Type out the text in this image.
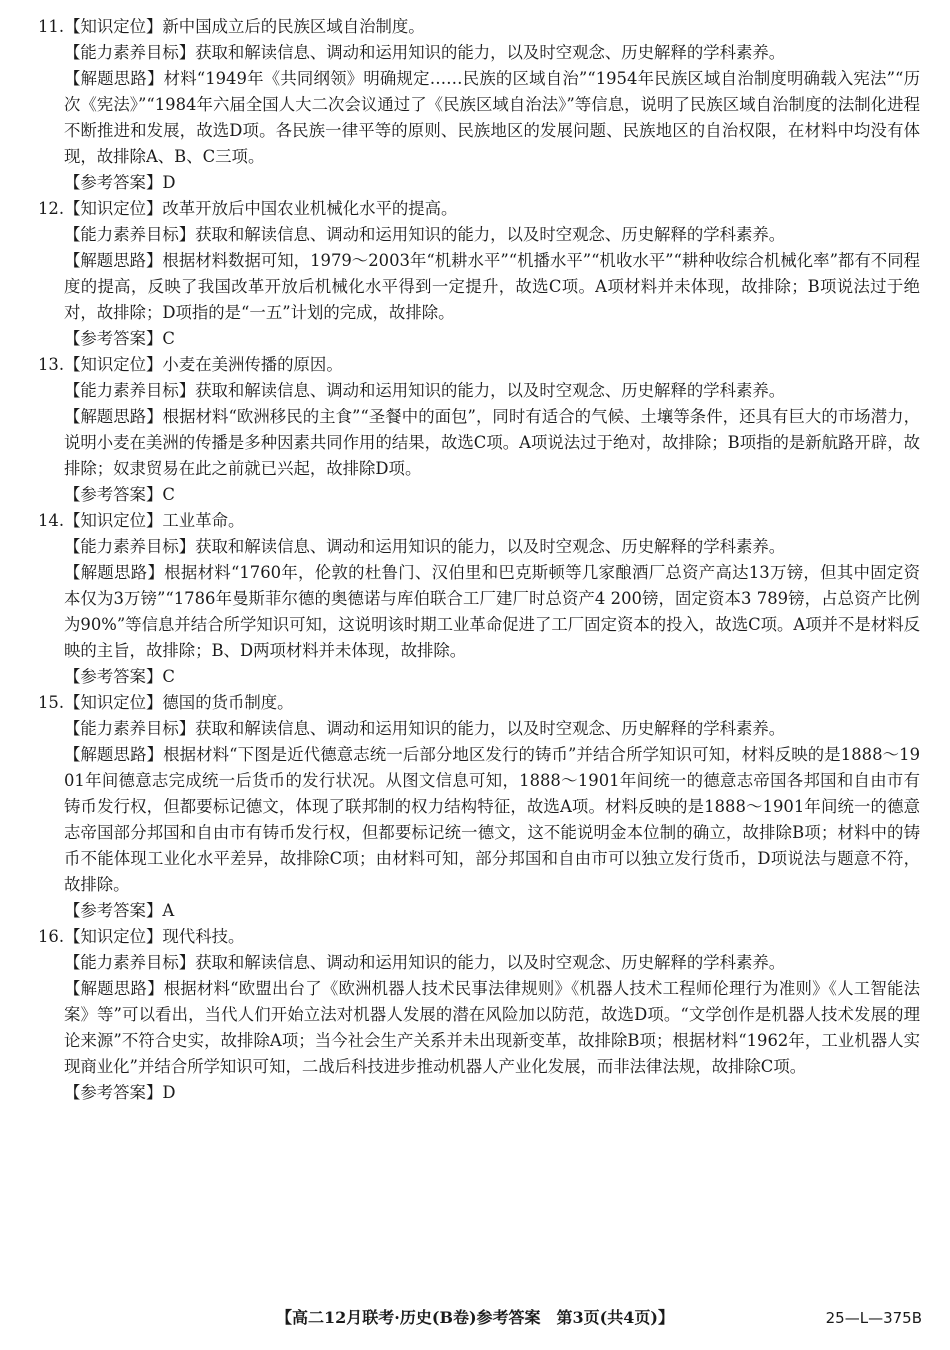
11.【知识定位】新中国成立后的民族区域自治制度。

【能力素养目标】获取和解读信息、调动和运用知识的能力，以及时空观念、历史解释的学科素养。

【解题思路】材料“1949年《共同纲领》明确规定……民族的区域自治”“1954年民族区域自治制度明确载入宪法”“历次《宪法》”“1984年六届全国人大二次会议通过了《民族区域自治法》”等信息，说明了民族区域自治制度的法制化进程不断推进和发展，故选D项。各民族一律平等的原则、民族地区的发展问题、民族地区的自治权限，在材料中均没有体现，故排除A、B、C三项。

【参考答案】D

12.【知识定位】改革开放后中国农业机械化水平的提高。

【能力素养目标】获取和解读信息、调动和运用知识的能力，以及时空观念、历史解释的学科素养。

【解题思路】根据材料数据可知，1979～2003年“机耕水平”“机播水平”“机收水平”“耕种收综合机械化率”都有不同程度的提高，反映了我国改革开放后机械化水平得到一定提升，故选C项。A项材料并未体现，故排除；B项说法过于绝对，故排除；D项指的是“一五”计划的完成，故排除。

【参考答案】C

13.【知识定位】小麦在美洲传播的原因。

【能力素养目标】获取和解读信息、调动和运用知识的能力，以及时空观念、历史解释的学科素养。

【解题思路】根据材料“欧洲移民的主食”“圣餐中的面包”，同时有适合的气候、土壤等条件，还具有巨大的市场潜力，说明小麦在美洲的传播是多种因素共同作用的结果，故选C项。A项说法过于绝对，故排除；B项指的是新航路开辟，故排除；奴隶贸易在此之前就已兴起，故排除D项。

【参考答案】C

14.【知识定位】工业革命。

【能力素养目标】获取和解读信息、调动和运用知识的能力，以及时空观念、历史解释的学科素养。

【解题思路】根据材料“1760年，伦敦的杜鲁门、汉伯里和巴克斯顿等几家酿酒厂总资产高达13万镑，但其中固定资本仅为3万镑”“1786年曼斯菲尔德的奥德诺与库伯联合工厂建厂时总资产4 200镑，固定资本3 789镑，占总资产比例为90%”等信息并结合所学知识可知，这说明该时期工业革命促进了工厂固定资本的投入，故选C项。A项并不是材料反映的主旨，故排除；B、D两项材料并未体现，故排除。

【参考答案】C

15.【知识定位】德国的货币制度。

【能力素养目标】获取和解读信息、调动和运用知识的能力，以及时空观念、历史解释的学科素养。

【解题思路】根据材料“下图是近代德意志统一后部分地区发行的铸币”并结合所学知识可知，材料反映的是1888～1901年间德意志完成统一后货币的发行状况。从图文信息可知，1888～1901年间统一的德意志帝国各邦国和自由市有铸币发行权，但都要标记德文，体现了联邦制的权力结构特征，故选A项。材料反映的是1888～1901年间统一的德意志帝国部分邦国和自由市有铸币发行权，但都要标记统一德文，这不能说明金本位制的确立，故排除B项；材料中的铸币不能体现工业化水平差异，故排除C项；由材料可知，部分邦国和自由市可以独立发行货币，D项说法与题意不符，故排除。

【参考答案】A

16.【知识定位】现代科技。

【能力素养目标】获取和解读信息、调动和运用知识的能力，以及时空观念、历史解释的学科素养。

【解题思路】根据材料“欧盟出台了《欧洲机器人技术民事法律规则》《机器人技术工程师伦理行为准则》《人工智能法案》等”可以看出，当代人们开始立法对机器人发展的潜在风险加以防范，故选D项。“文学创作是机器人技术发展的理论来源”不符合史实，故排除A项；当今社会生产关系并未出现新变革，故排除B项；根据材料“1962年，工业机器人实现商业化”并结合所学知识可知，二战后科技进步推动机器人产业化发展，而非法律法规，故排除C项。

【参考答案】D

【高二12月联考·历史(B卷)参考答案　第3页(共4页)】	25—L—375B
